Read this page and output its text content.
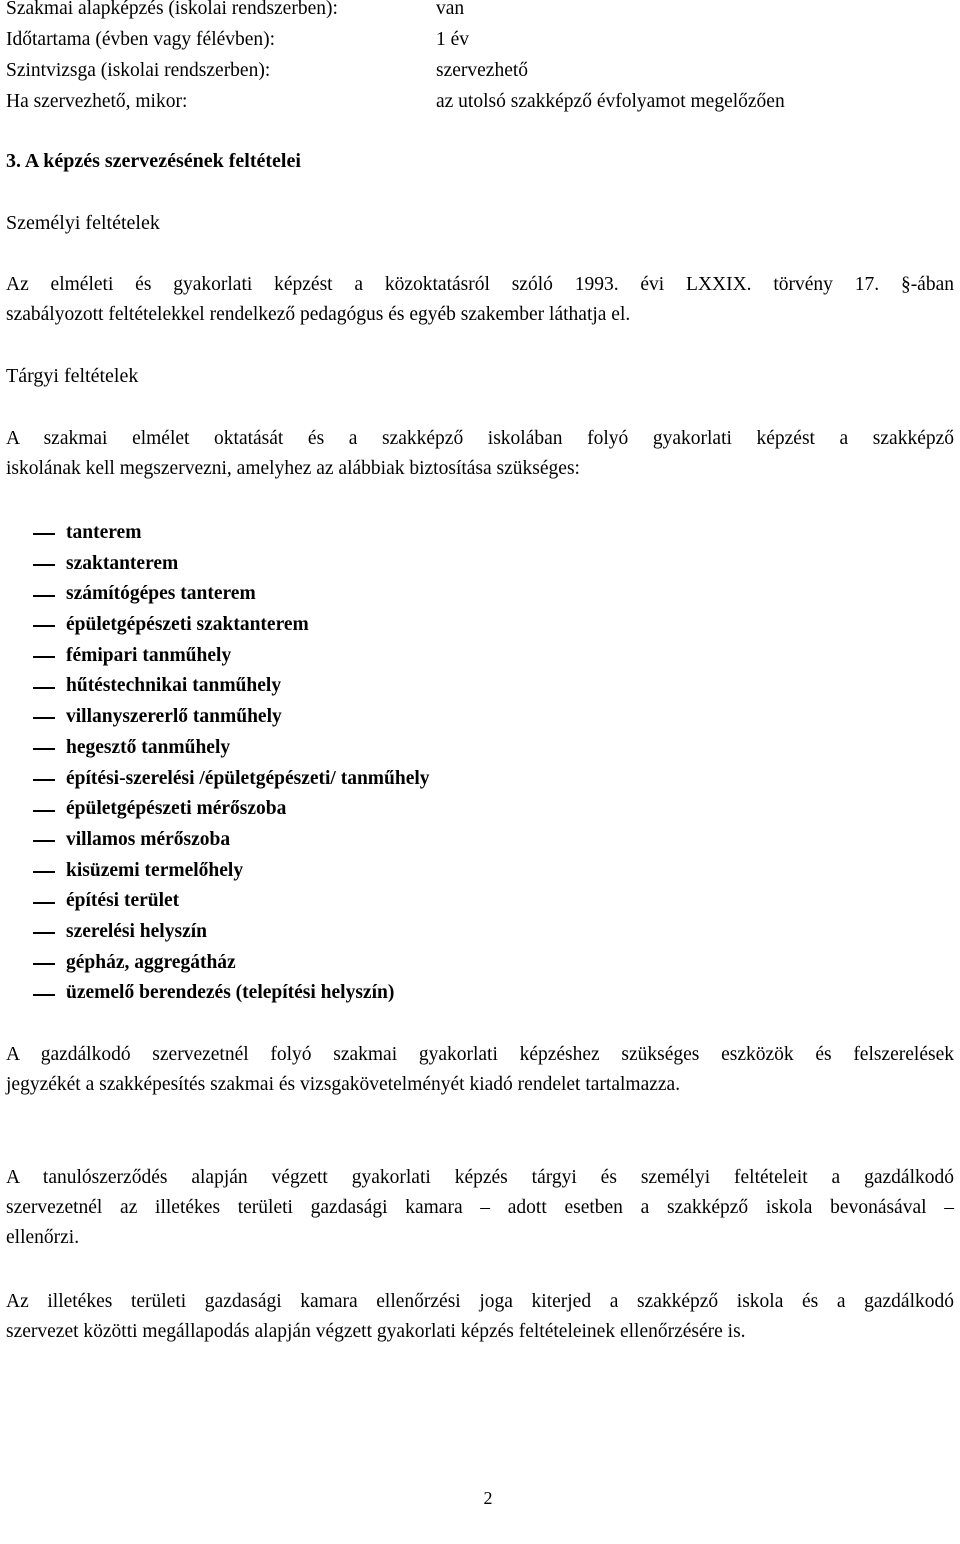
Szakmai alapképzés (iskolai rendszerben):	van
Időtartama (évben vagy félévben):	1 év
Szintvizsga (iskolai rendszerben):	szervezhető
Ha szervezhető, mikor:	az utolsó szakképző évfolyamot megelőzően
3. A képzés szervezésének feltételei
Személyi feltételek
Az elméleti és gyakorlati képzést a közoktatásról szóló 1993. évi LXXIX. törvény 17. §-ában
szabályozott feltételekkel rendelkező pedagógus és egyéb szakember láthatja el.
Tárgyi feltételek
A szakmai elmélet oktatását és a szakképző iskolában folyó gyakorlati képzést a szakképző
iskolának kell megszervezni, amelyhez az alábbiak biztosítása szükséges:
tanterem
szaktanterem
számítógépes tanterem
épületgépészeti szaktanterem
fémipari tanműhely
hűtéstechnikai tanműhely
villanyszererlő tanműhely
hegesztő tanműhely
építési-szerelési /épületgépészeti/ tanműhely
épületgépészeti mérőszoba
villamos mérőszoba
kisüzemi termelőhely
építési terület
szerelési helyszín
gépház, aggregátház
üzemelő berendezés (telepítési helyszín)
A gazdálkodó szervezetnél folyó szakmai gyakorlati képzéshez szükséges eszközök és felszerelések
jegyzékét a szakképesítés szakmai és vizsgakövetelményét kiadó rendelet tartalmazza.
A tanulószerződés alapján végzett gyakorlati képzés tárgyi és személyi feltételeit a gazdálkodó
szervezetnél az illetékes területi gazdasági kamara – adott esetben a szakképző iskola bevonásával –
ellenőrzi.
Az illetékes területi gazdasági kamara ellenőrzési joga kiterjed a szakképző iskola és a gazdálkodó
szervezet közötti megállapodás alapján végzett gyakorlati képzés feltételeinek ellenőrzésére is.
2
